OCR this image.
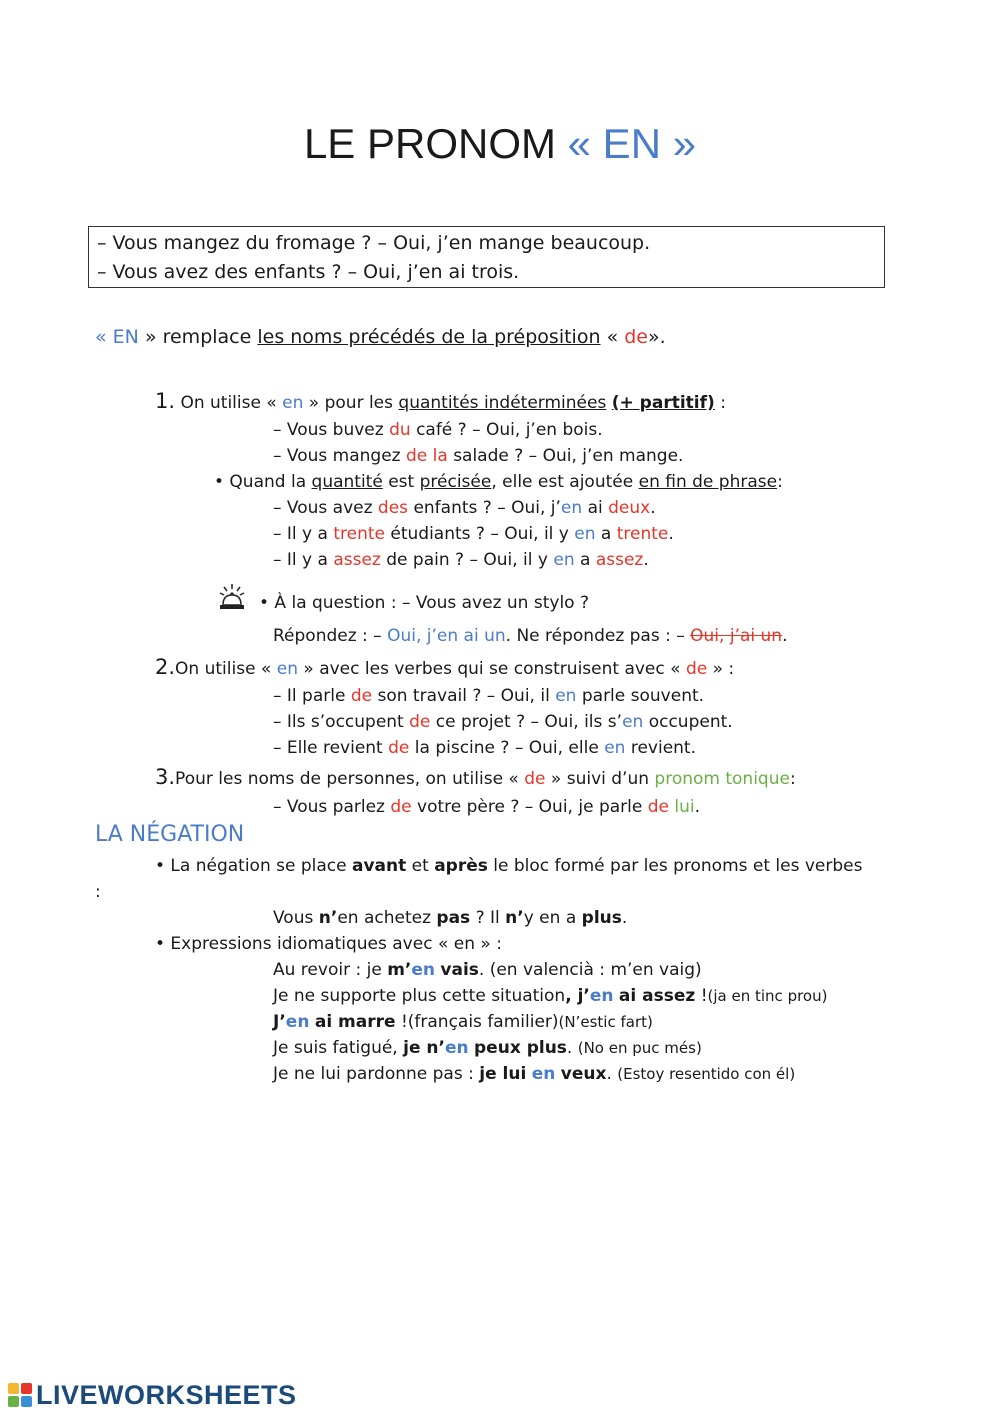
LE PRONOM « EN »
– Vous mangez du fromage ? – Oui, j’en mange beaucoup.
– Vous avez des enfants ? – Oui, j’en ai trois.
« EN » remplace les noms précédés de la préposition « de».
1. On utilise « en » pour les quantités indéterminées (+ partitif) :
– Vous buvez du café ? – Oui, j’en bois.
– Vous mangez de la salade ? – Oui, j’en mange.
• Quand la quantité est précisée, elle est ajoutée en fin de phrase:
– Vous avez des enfants ? – Oui, j’en ai deux.
– Il y a trente étudiants ? – Oui, il y en a trente.
– Il y a assez de pain ? – Oui, il y en a assez.
• À la question : – Vous avez un stylo ?
Répondez : – Oui, j’en ai un. Ne répondez pas : – Oui, j’ai un.
2.On utilise « en » avec les verbes qui se construisent avec « de » :
– Il parle de son travail ? – Oui, il en parle souvent.
– Ils s’occupent de ce projet ? – Oui, ils s’en occupent.
– Elle revient de la piscine ? – Oui, elle en revient.
3.Pour les noms de personnes, on utilise « de » suivi d’un pronom tonique:
– Vous parlez de votre père ? – Oui, je parle de lui.
LA NÉGATION
• La négation se place avant et après le bloc formé par les pronoms et les verbes
:
Vous n’en achetez pas ? Il n’y en a plus.
• Expressions idiomatiques avec « en » :
Au revoir : je m’en vais. (en valencià : m’en vaig)
Je ne supporte plus cette situation, j’en ai assez !(ja en tinc prou)
J’en ai marre !(français familier)(N’estic fart)
Je suis fatigué, je n’en peux plus. (No en puc més)
Je ne lui pardonne pas : je lui en veux. (Estoy resentido con él)
LIVEWORKSHEETS
